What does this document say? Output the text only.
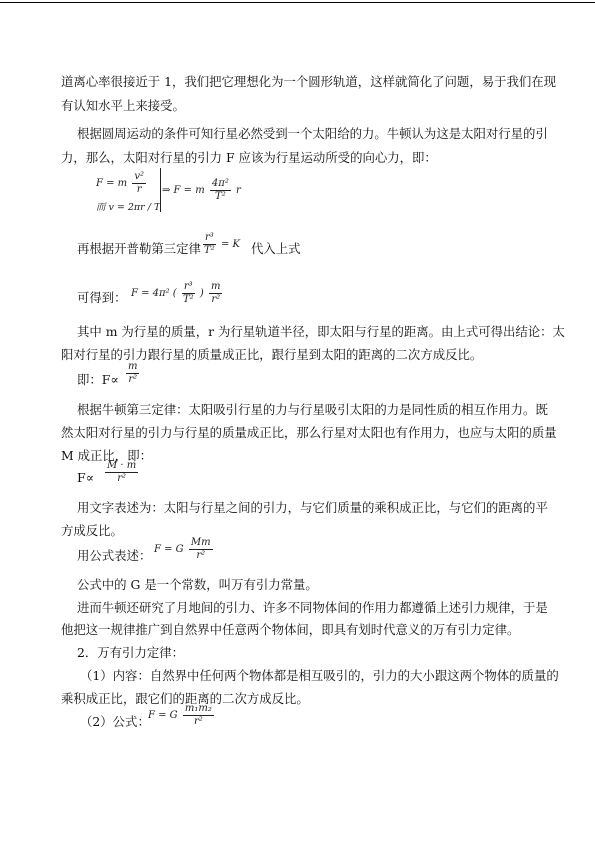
道离心率很接近于 1，我们把它理想化为一个圆形轨道，这样就简化了问题，易于我们在现
有认知水平上来接受。
根据圆周运动的条件可知行星必然受到一个太阳给的力。牛顿认为这是太阳对行星的引
力，那么，太阳对行星的引力 F 应该为行星运动所受的向心力，即：
F = m $\frac{\text{v²}}{r}$
而 v = 2πr / T
⇒ F = m $\frac{\text{4π²}}{\text{T²}}$ r
再根据开普勒第三定律 $\frac{\text{r³}}{\text{T²}} = K$ 代入上式
可得到： F = 4π² ( $\frac{\text{r³}}{\text{T²}}$ ) $\frac{m}{\text{r²}}$
其中 m 为行星的质量，r 为行星轨道半径，即太阳与行星的距离。由上式可得出结论：太
阳对行星的引力跟行星的质量成正比，跟行星到太阳的距离的二次方成反比。
即：$F\propto \frac{m}{\text{r²}}$
根据牛顿第三定律：太阳吸引行星的力与行星吸引太阳的力是同性质的相互作用力。既
然太阳对行星的引力与行星的质量成正比，那么行星对太阳也有作用力，也应与太阳的质量
M 成正比，即：
$F\propto \frac{M \cdot m}{\text{r²}}$
用文字表述为：太阳与行星之间的引力，与它们质量的乘积成正比，与它们的距离的平
方成反比。
用公式表述： F = G $\frac{Mm}{\text{r²}}$
公式中的 G 是一个常数，叫万有引力常量。
进而牛顿还研究了月地间的引力、许多不同物体间的作用力都遵循上述引力规律，于是
他把这一规律推广到自然界中任意两个物体间，即具有划时代意义的万有引力定律。
2．万有引力定律：
（1）内容：自然界中任何两个物体都是相互吸引的，引力的大小跟这两个物体的质量的
乘积成正比，跟它们的距离的二次方成反比。
（2）公式：
F = G $\frac{\text{m₁m₂}}{\text{r²}}$
